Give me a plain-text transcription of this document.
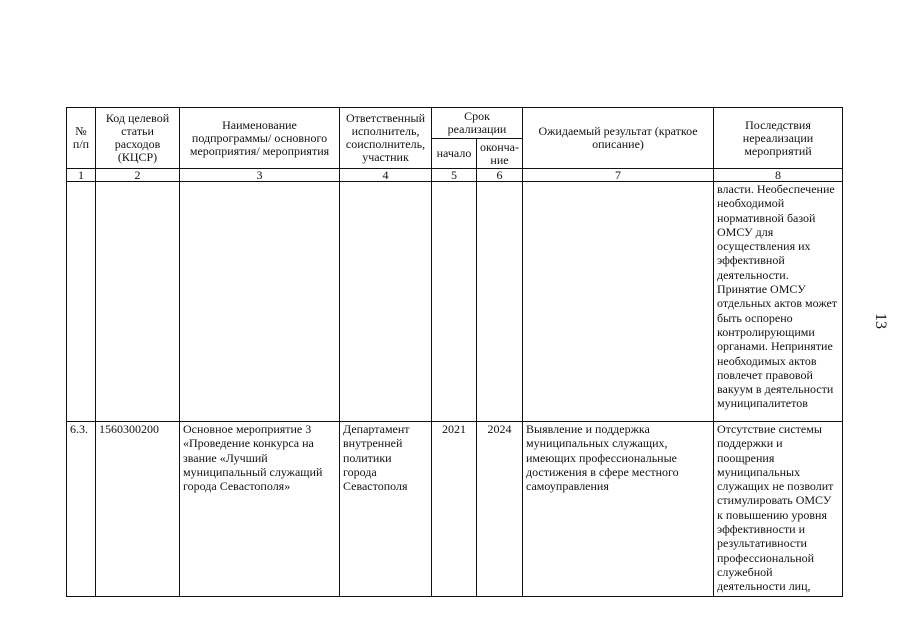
13
№ п/п	Код целевой статьи расходов (КЦСР)	Наименование подпрограммы/ основного мероприятия/ мероприятия	Ответственный исполнитель, соисполнитель, участник	Срок реализации		Ожидаемый результат (краткое описание)	Последствия нереализации мероприятий
				начало	оконча-ние		
1	2	3	4	5	6	7	8
							власти. Необеспечение необходимой нормативной базой ОМСУ для осуществления их эффективной деятельности. Принятие ОМСУ отдельных актов может быть оспорено контролирующими органами. Непринятие необходимых актов повлечет правовой вакуум в деятельности муниципалитетов
6.3.	1560300200	Основное мероприятие 3 «Проведение конкурса на звание «Лучший муниципальный служащий города Севастополя»	Департамент внутренней политики города Севастополя	2021	2024	Выявление и поддержка муниципальных служащих, имеющих профессиональные достижения в сфере местного самоуправления	Отсутствие системы поддержки и поощрения муниципальных служащих не позволит стимулировать ОМСУ к повышению уровня эффективности и результативности профессиональной служебной деятельности лиц,
